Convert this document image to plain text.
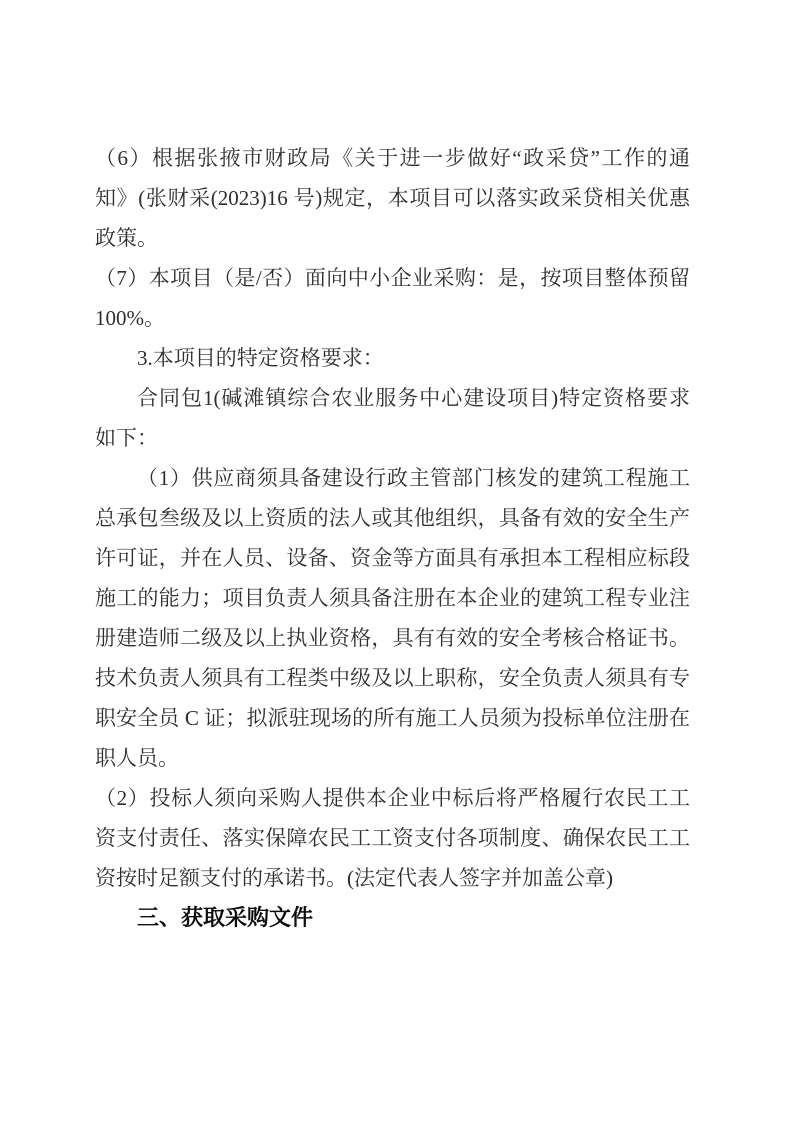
（6）根据张掖市财政局《关于进一步做好“政采贷”工作的通
知》(张财采(2023)16 号)规定，本项目可以落实政采贷相关优惠
政策。
（7）本项目（是/否）面向中小企业采购：是，按项目整体预留
100%。
3.本项目的特定资格要求：
合同包1(碱滩镇综合农业服务中心建设项目)特定资格要求
如下：
（1）供应商须具备建设行政主管部门核发的建筑工程施工
总承包叁级及以上资质的法人或其他组织，具备有效的安全生产
许可证，并在人员、设备、资金等方面具有承担本工程相应标段
施工的能力；项目负责人须具备注册在本企业的建筑工程专业注
册建造师二级及以上执业资格，具有有效的安全考核合格证书。
技术负责人须具有工程类中级及以上职称，安全负责人须具有专
职安全员 C 证；拟派驻现场的所有施工人员须为投标单位注册在
职人员。
（2）投标人须向采购人提供本企业中标后将严格履行农民工工
资支付责任、落实保障农民工工资支付各项制度、确保农民工工
资按时足额支付的承诺书。(法定代表人签字并加盖公章)
三、获取采购文件
